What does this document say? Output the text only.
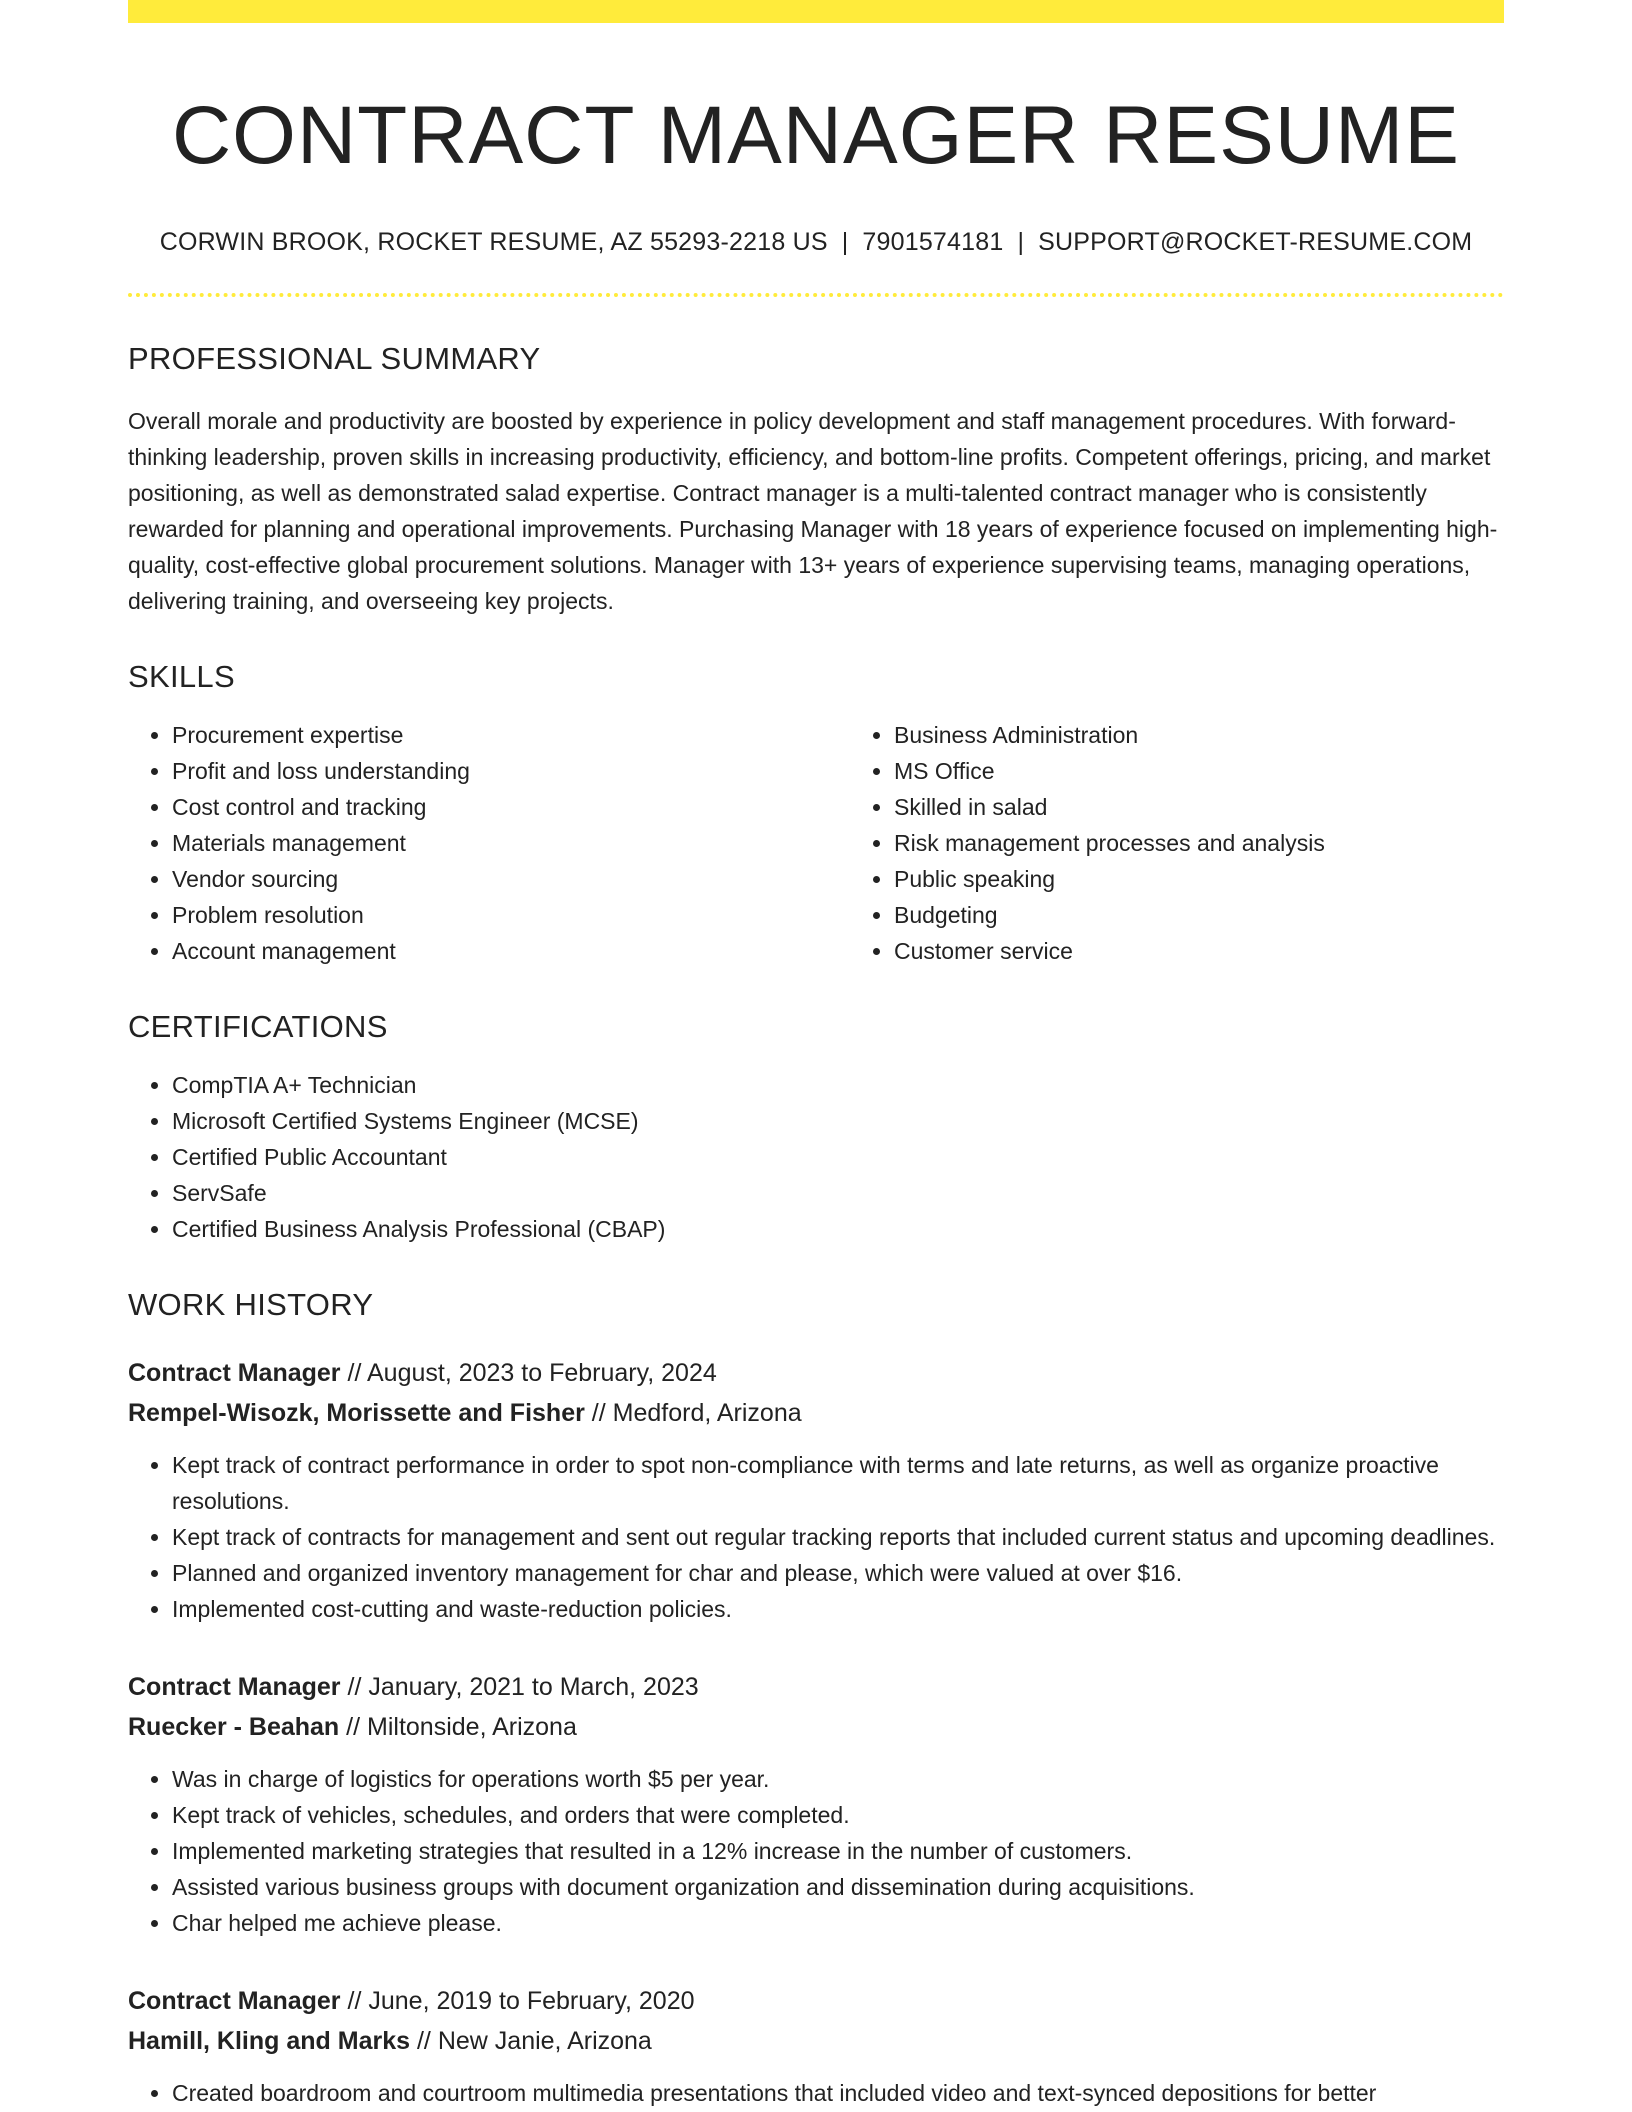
CONTRACT MANAGER RESUME
CORWIN BROOK, ROCKET RESUME, AZ 55293-2218 US | 7901574181 | SUPPORT@ROCKET-RESUME.COM
PROFESSIONAL SUMMARY
Overall morale and productivity are boosted by experience in policy development and staff management procedures. With forward-thinking leadership, proven skills in increasing productivity, efficiency, and bottom-line profits. Competent offerings, pricing, and market positioning, as well as demonstrated salad expertise. Contract manager is a multi-talented contract manager who is consistently rewarded for planning and operational improvements. Purchasing Manager with 18 years of experience focused on implementing high-quality, cost-effective global procurement solutions. Manager with 13+ years of experience supervising teams, managing operations, delivering training, and overseeing key projects.
SKILLS
• Procurement expertise
• Profit and loss understanding
• Cost control and tracking
• Materials management
• Vendor sourcing
• Problem resolution
• Account management
• Business Administration
• MS Office
• Skilled in salad
• Risk management processes and analysis
• Public speaking
• Budgeting
• Customer service
CERTIFICATIONS
• CompTIA A+ Technician
• Microsoft Certified Systems Engineer (MCSE)
• Certified Public Accountant
• ServSafe
• Certified Business Analysis Professional (CBAP)
WORK HISTORY
Contract Manager // August, 2023 to February, 2024
Rempel-Wisozk, Morissette and Fisher // Medford, Arizona
• Kept track of contract performance in order to spot non-compliance with terms and late returns, as well as organize proactive resolutions.
• Kept track of contracts for management and sent out regular tracking reports that included current status and upcoming deadlines.
• Planned and organized inventory management for char and please, which were valued at over $16.
• Implemented cost-cutting and waste-reduction policies.
Contract Manager // January, 2021 to March, 2023
Ruecker - Beahan // Miltonside, Arizona
• Was in charge of logistics for operations worth $5 per year.
• Kept track of vehicles, schedules, and orders that were completed.
• Implemented marketing strategies that resulted in a 12% increase in the number of customers.
• Assisted various business groups with document organization and dissemination during acquisitions.
• Char helped me achieve please.
Contract Manager // June, 2019 to February, 2020
Hamill, Kling and Marks // New Janie, Arizona
• Created boardroom and courtroom multimedia presentations that included video and text-synced depositions for better
